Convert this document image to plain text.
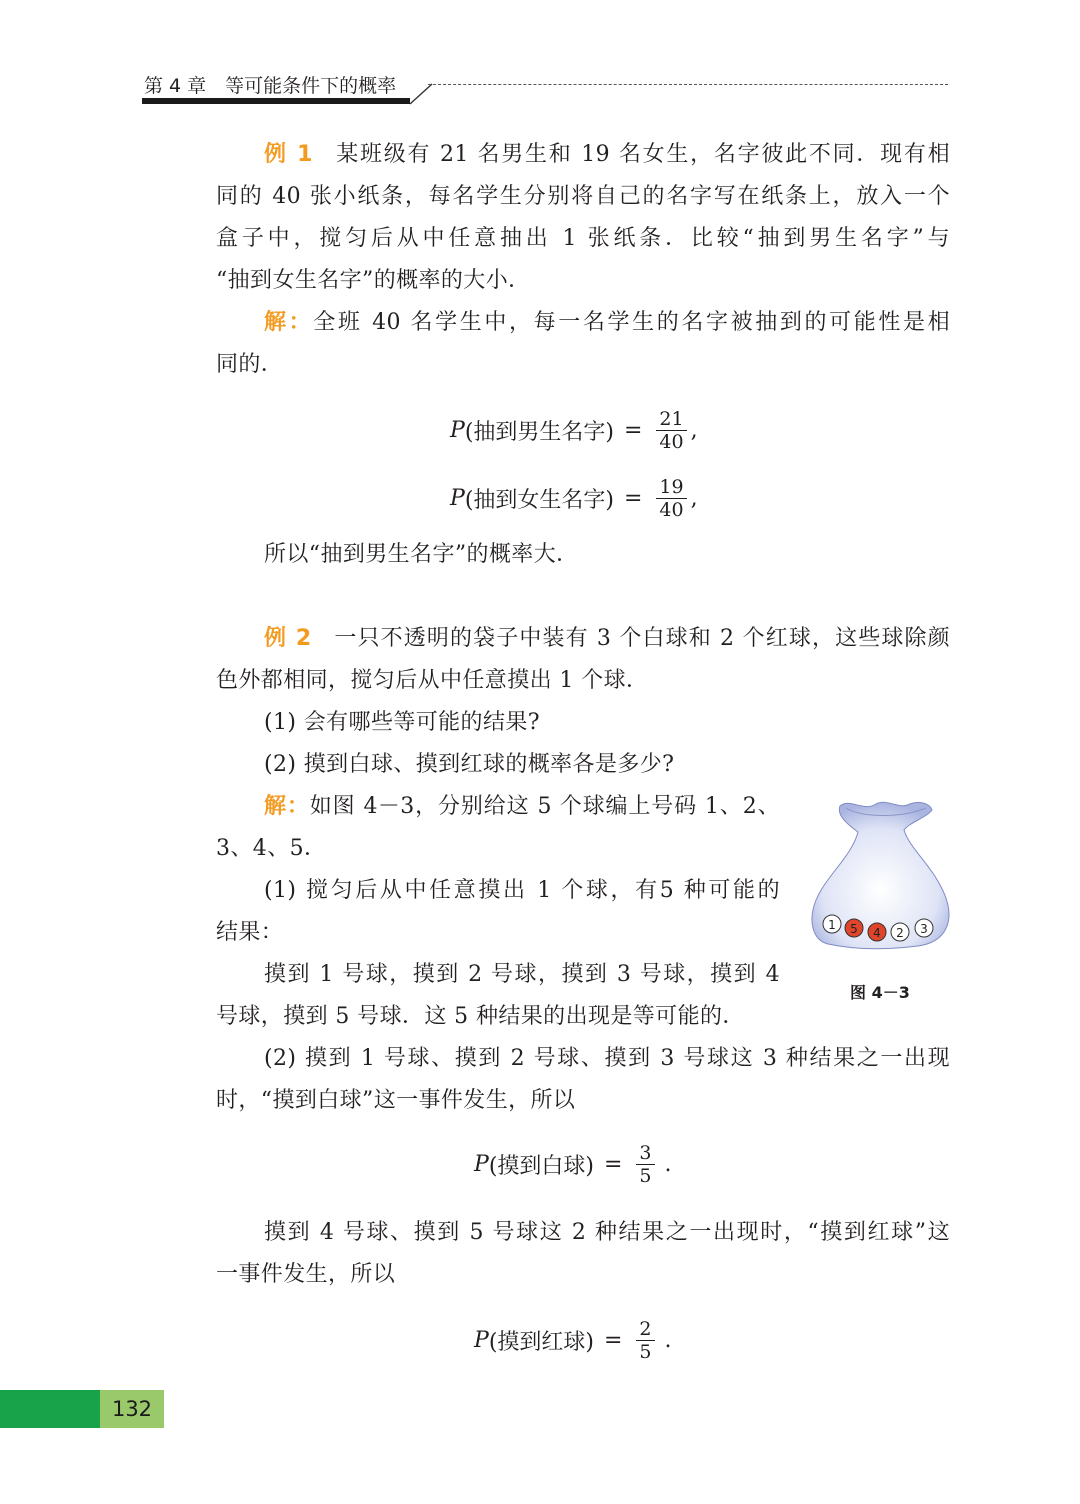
第 4 章　等可能条件下的概率
例 1 某班级有 21 名男生和 19 名女生，名字彼此不同．现有相
同的 40 张小纸条，每名学生分别将自己的名字写在纸条上，放入一个
盒子中，搅匀后从中任意抽出 1 张纸条．比较“抽到男生名字”与
“抽到女生名字”的概率的大小．
解：全班 40 名学生中，每一名学生的名字被抽到的可能性是相
同的．
P (抽到男生名字) = $\frac{21}{40}$ ,
P (抽到女生名字) = $\frac{19}{40}$ ,
所以“抽到男生名字”的概率大．
例 2 一只不透明的袋子中装有 3 个白球和 2 个红球，这些球除颜
色外都相同，搅匀后从中任意摸出 1 个球．
(1) 会有哪些等可能的结果?
(2) 摸到白球、摸到红球的概率各是多少?
解：如图 4－3，分别给这 5 个球编上号码 1、2、
3、4、5．
(1) 搅匀后从中任意摸出 1 个球，有5 种可能的
结果：
摸到 1 号球，摸到 2 号球，摸到 3 号球，摸到 4
号球，摸到 5 号球．这 5 种结果的出现是等可能的．
(2) 摸到 1 号球、摸到 2 号球、摸到 3 号球这 3 种结果之一出现
时，“摸到白球”这一事件发生，所以
P (摸到白球) = $\frac{3}{5}$ .
摸到 4 号球、摸到 5 号球这 2 种结果之一出现时，“摸到红球”这
一事件发生，所以
P (摸到红球) = $\frac{2}{5}$ .
1 5 4 2 3
图 4－3
132
